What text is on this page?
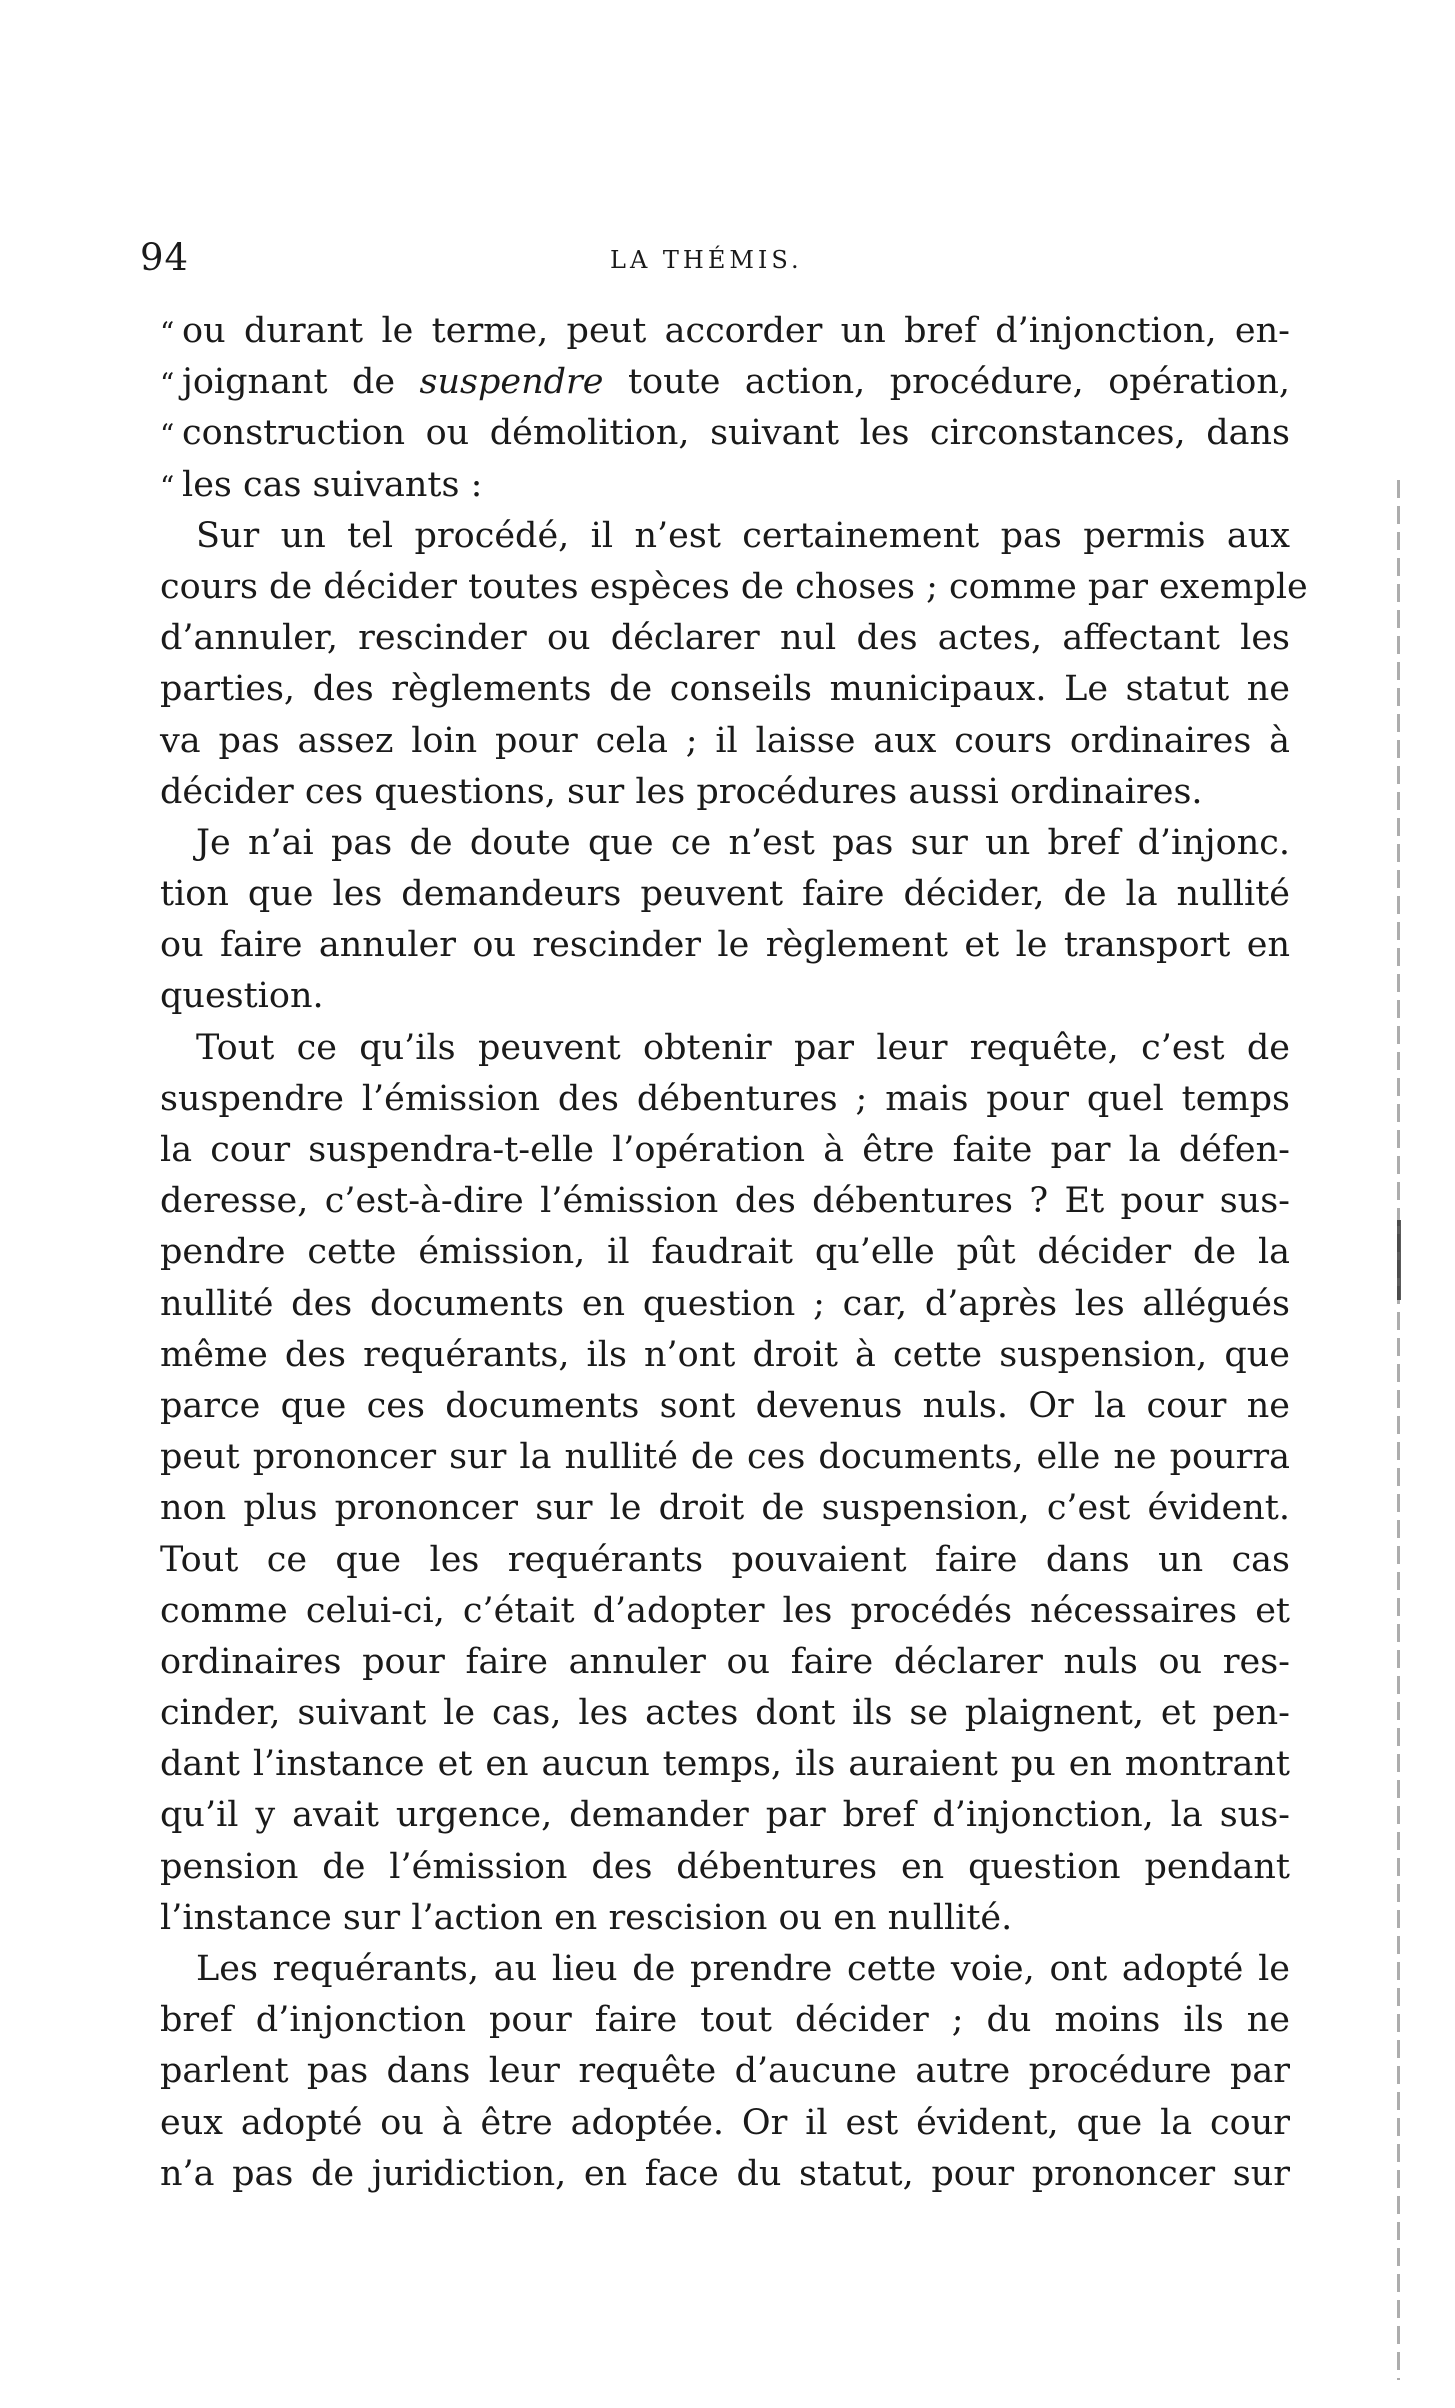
94	LA THÉMIS.
“ ou durant le terme, peut accorder un bref d’injonction, en-
“ joignant de suspendre toute action, procédure, opération,
“ construction ou démolition, suivant les circonstances, dans
“ les cas suivants :
Sur un tel procédé, il n’est certainement pas permis aux
cours de décider toutes espèces de choses ; comme par exemple
d’annuler, rescinder ou déclarer nul des actes, affectant les
parties, des règlements de conseils municipaux. Le statut ne
va pas assez loin pour cela ; il laisse aux cours ordinaires à
décider ces questions, sur les procédures aussi ordinaires.
Je n’ai pas de doute que ce n’est pas sur un bref d’injonc.
tion que les demandeurs peuvent faire décider, de la nullité
ou faire annuler ou rescinder le règlement et le transport en
question.
Tout ce qu’ils peuvent obtenir par leur requête, c’est de
suspendre l’émission des débentures ; mais pour quel temps
la cour suspendra-t-elle l’opération à être faite par la défen-
deresse, c’est-à-dire l’émission des débentures ? Et pour sus-
pendre cette émission, il faudrait qu’elle pût décider de la
nullité des documents en question ; car, d’après les allégués
même des requérants, ils n’ont droit à cette suspension, que
parce que ces documents sont devenus nuls. Or la cour ne
peut prononcer sur la nullité de ces documents, elle ne pourra
non plus prononcer sur le droit de suspension, c’est évident.
Tout ce que les requérants pouvaient faire dans un cas
comme celui-ci, c’était d’adopter les procédés nécessaires et
ordinaires pour faire annuler ou faire déclarer nuls ou res-
cinder, suivant le cas, les actes dont ils se plaignent, et pen-
dant l’instance et en aucun temps, ils auraient pu en montrant
qu’il y avait urgence, demander par bref d’injonction, la sus-
pension de l’émission des débentures en question pendant
l’instance sur l’action en rescision ou en nullité.
Les requérants, au lieu de prendre cette voie, ont adopté le
bref d’injonction pour faire tout décider ; du moins ils ne
parlent pas dans leur requête d’aucune autre procédure par
eux adopté ou à être adoptée. Or il est évident, que la cour
n’a pas de juridiction, en face du statut, pour prononcer sur
